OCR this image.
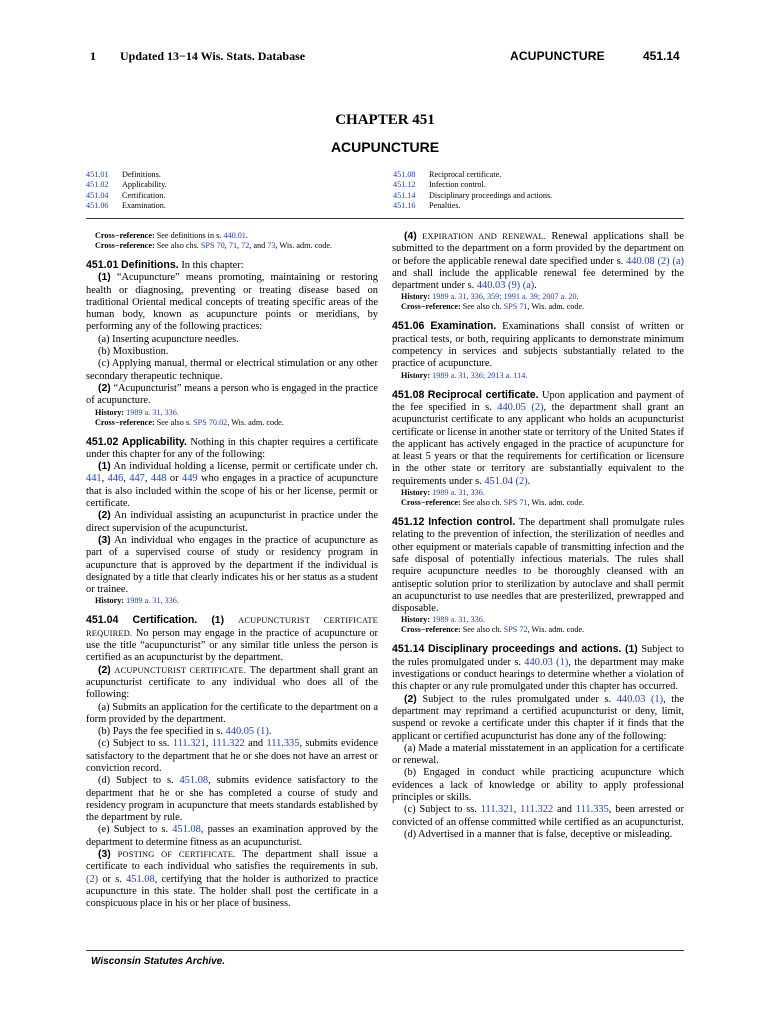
1 Updated 13−14 Wis. Stats. Database	ACUPUNCTURE	451.14
CHAPTER 451
ACUPUNCTURE
451.01	Definitions.
451.02	Applicability.
451.04	Certification.
451.06	Examination.
451.08	Reciprocal certificate.
451.12	Infection control.
451.14	Disciplinary proceedings and actions.
451.16	Penalties.

Cross−reference: See definitions in s. 440.01.

Cross−reference: See also chs. SPS 70, 71, 72, and 73, Wis. adm. code.

451.01 Definitions. In this chapter:

(1) “Acupuncture” means promoting, maintaining or restoring health or diagnosing, preventing or treating disease based on traditional Oriental medical concepts of treating specific areas of the human body, known as acupuncture points or meridians, by performing any of the following practices:

(a) Inserting acupuncture needles.

(b) Moxibustion.

(c) Applying manual, thermal or electrical stimulation or any other secondary therapeutic technique.

(2) “Acupuncturist” means a person who is engaged in the practice of acupuncture.

History: 1989 a. 31, 336.

Cross−reference: See also s. SPS 70.02, Wis. adm. code.

451.02 Applicability. Nothing in this chapter requires a certificate under this chapter for any of the following:

(1) An individual holding a license, permit or certificate under ch. 441, 446, 447, 448 or 449 who engages in a practice of acupuncture that is also included within the scope of his or her license, permit or certificate.

(2) An individual assisting an acupuncturist in practice under the direct supervision of the acupuncturist.

(3) An individual who engages in the practice of acupuncture as part of a supervised course of study or residency program in acupuncture that is approved by the department if the individual is designated by a title that clearly indicates his or her status as a student or trainee.

History: 1989 a. 31, 336.

451.04 Certification. (1) ACUPUNCTURIST CERTIFICATE REQUIRED. No person may engage in the practice of acupuncture or use the title “acupuncturist” or any similar title unless the person is certified as an acupuncturist by the department.

(2) ACUPUNCTURIST CERTIFICATE. The department shall grant an acupuncturist certificate to any individual who does all of the following:

(a) Submits an application for the certificate to the department on a form provided by the department.

(b) Pays the fee specified in s. 440.05 (1).

(c) Subject to ss. 111.321, 111.322 and 111.335, submits evidence satisfactory to the department that he or she does not have an arrest or conviction record.

(d) Subject to s. 451.08, submits evidence satisfactory to the department that he or she has completed a course of study and residency program in acupuncture that meets standards established by the department by rule.

(e) Subject to s. 451.08, passes an examination approved by the department to determine fitness as an acupuncturist.

(3) POSTING OF CERTIFICATE. The department shall issue a certificate to each individual who satisfies the requirements in sub. (2) or s. 451.08, certifying that the holder is authorized to practice acupuncture in this state. The holder shall post the certificate in a conspicuous place in his or her place of business.

(4) EXPIRATION AND RENEWAL. Renewal applications shall be submitted to the department on a form provided by the department on or before the applicable renewal date specified under s. 440.08 (2) (a) and shall include the applicable renewal fee determined by the department under s. 440.03 (9) (a).

History: 1989 a. 31, 336, 359; 1991 a. 39; 2007 a. 20.

Cross−reference: See also ch. SPS 71, Wis. adm. code.

451.06 Examination. Examinations shall consist of written or practical tests, or both, requiring applicants to demonstrate minimum competency in services and subjects substantially related to the practice of acupuncture.

History: 1989 a. 31, 336; 2013 a. 114.

451.08 Reciprocal certificate. Upon application and payment of the fee specified in s. 440.05 (2), the department shall grant an acupuncturist certificate to any applicant who holds an acupuncturist certificate or license in another state or territory of the United States if the applicant has actively engaged in the practice of acupuncture for at least 5 years or that the requirements for certification or licensure in the other state or territory are substantially equivalent to the requirements under s. 451.04 (2).

History: 1989 a. 31, 336.

Cross−reference: See also ch. SPS 71, Wis. adm. code.

451.12 Infection control. The department shall promulgate rules relating to the prevention of infection, the sterilization of needles and other equipment or materials capable of transmitting infection and the safe disposal of potentially infectious materials. The rules shall require acupuncture needles to be thoroughly cleansed with an antiseptic solution prior to sterilization by autoclave and shall permit an acupuncturist to use needles that are presterilized, prewrapped and disposable.

History: 1989 a. 31, 336.

Cross−reference: See also ch. SPS 72, Wis. adm. code.

451.14 Disciplinary proceedings and actions. (1) Subject to the rules promulgated under s. 440.03 (1), the department may make investigations or conduct hearings to determine whether a violation of this chapter or any rule promulgated under this chapter has occurred.

(2) Subject to the rules promulgated under s. 440.03 (1), the department may reprimand a certified acupuncturist or deny, limit, suspend or revoke a certificate under this chapter if it finds that the applicant or certified acupuncturist has done any of the following:

(a) Made a material misstatement in an application for a certificate or renewal.

(b) Engaged in conduct while practicing acupuncture which evidences a lack of knowledge or ability to apply professional principles or skills.

(c) Subject to ss. 111.321, 111.322 and 111.335, been arrested or convicted of an offense committed while certified as an acupuncturist.

(d) Advertised in a manner that is false, deceptive or misleading.

Wisconsin Statutes Archive.
